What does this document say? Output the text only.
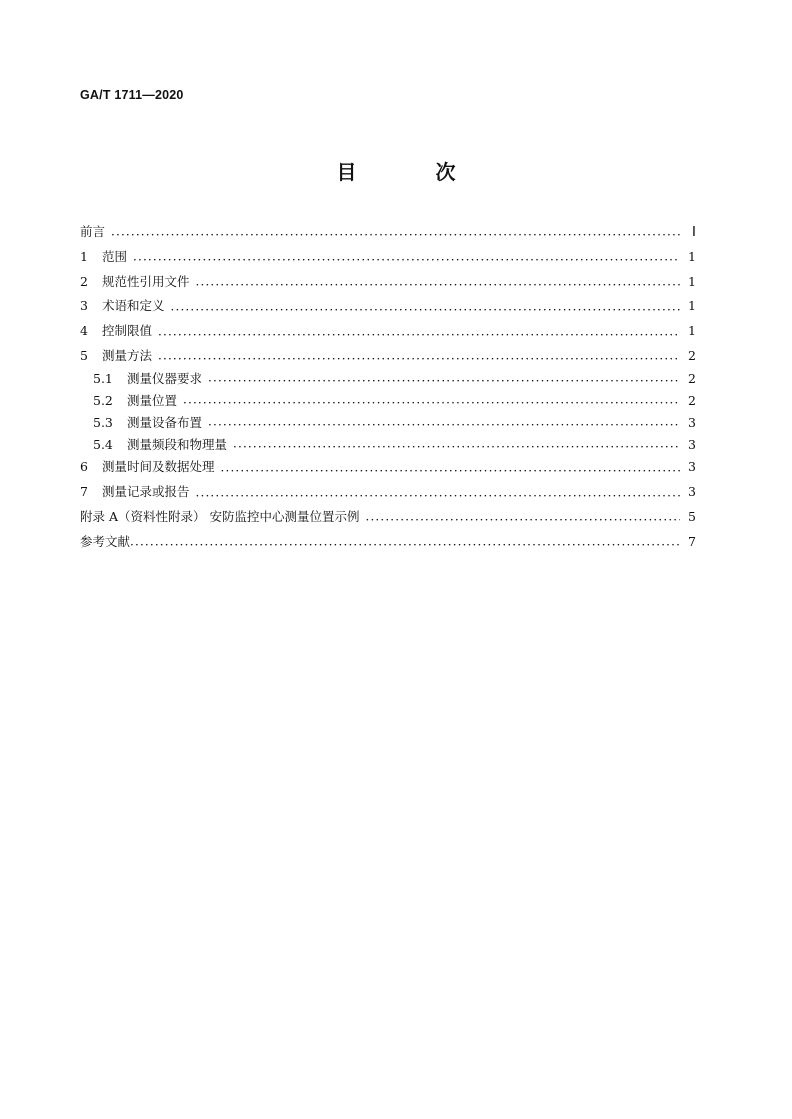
GA/T 1711—2020
目 次
前言 ·····	Ⅰ
1	范围 ·····	1
2	规范性引用文件 ·····	1
3	术语和定义 ·····	1
4	控制限值 ·····	1
5	测量方法 ·····	2
5.1	测量仪器要求 ·····	2
5.2	测量位置 ·····	2
5.3	测量设备布置 ·····	3
5.4	测量频段和物理量 ·····	3
6	测量时间及数据处理 ·····	3
7	测量记录或报告 ·····	3
附录 A（资料性附录） 安防监控中心测量位置示例 ·····	5
参考文献 ·····	7
